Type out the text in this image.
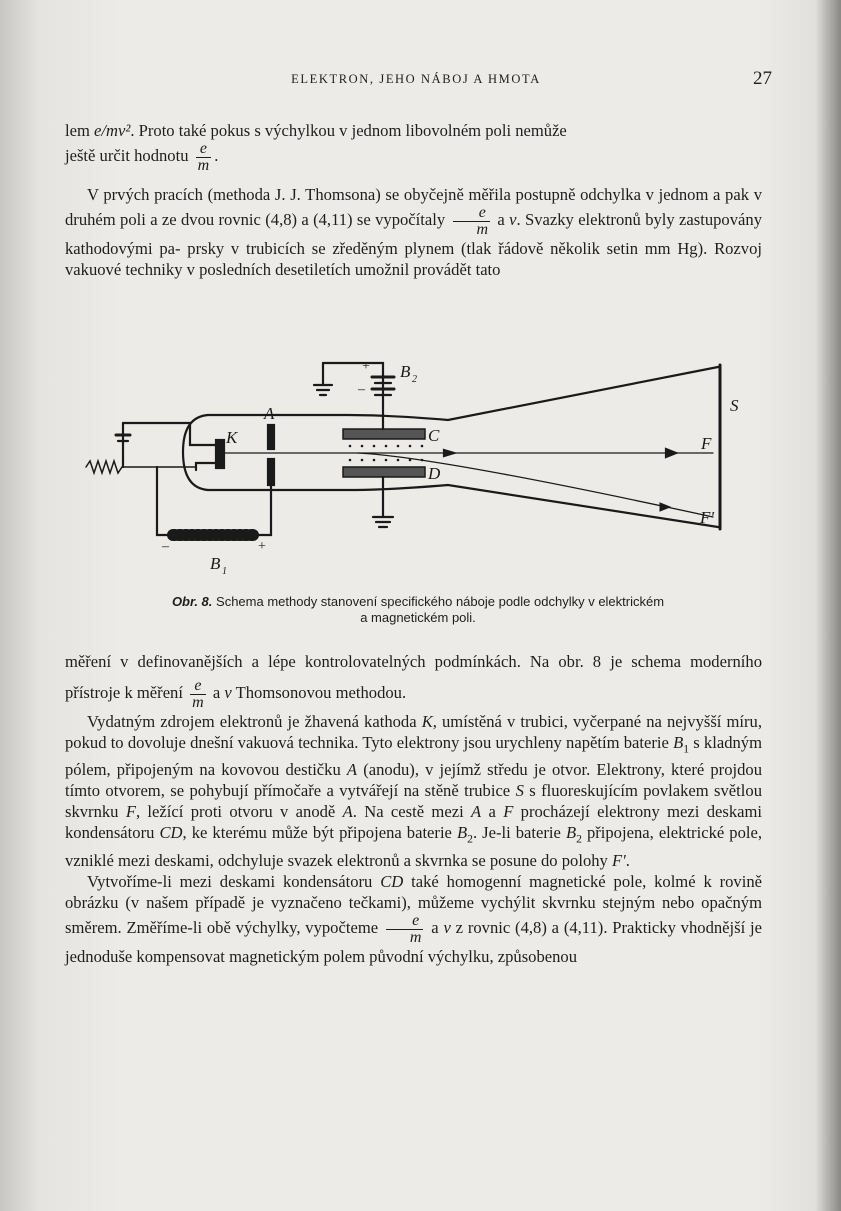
ELEKTRON, JEHO NÁBOJ A HMOTA	27

lem e/mv². Proto také pokus s výchylkou v jednom libovolném poli nemůže
ještě určit hodnotu $\frac{e}{m}$ .

V prvých pracích (methoda J. J. Thomsona) se obyčejně měřila postupně odchylka v jednom a pak v druhém poli a ze dvou rovnic (4,8) a (4,11) se vypočítaly $\frac{e}{m}$ a v. Svazky elektronů byly zastupovány kathodovými pa- prsky v trubicích se zředěným plynem (tlak řádově několik setin mm Hg). Rozvoj vakuové techniky v posledních desetiletích umožnil provádět tato

A
K	C
D
S
F
F'
B 2
B 1
+
–
–	+
Obr. 8. Schema methody stanovení specifického náboje podle odchylky v elektrickém
a magnetickém poli.

měření v definovanějších a lépe kontrolovatelných podmínkách. Na obr. 8 je schema moderního přístroje k měření $\frac{e}{m}$ a v Thomsonovou methodou.

Vydatným zdrojem elektronů je žhavená kathoda K, umístěná v trubici, vyčerpané na nejvyšší míru, pokud to dovoluje dnešní vakuová technika. Tyto elektrony jsou urychleny napětím baterie $B_1$ s kladným pólem, připojeným na kovovou destičku A (anodu), v jejímž středu je otvor. Elektrony, které projdou tímto otvorem, se pohybují přímočaře a vytvářejí na stěně trubice S s fluoreskujícím povlakem světlou skvrnku F, ležící proti otvoru v anodě A. Na cestě mezi A a F procházejí elektrony mezi deskami kondensátoru CD, ke kterému může být připojena baterie $B_2$. Je-li baterie $B_2$ připojena, elektrické pole, vzniklé mezi deskami, odchyluje svazek elektronů a skvrnka se posune do polohy F'.

Vytvoříme-li mezi deskami kondensátoru CD také homogenní magnetické pole, kolmé k rovině obrázku (v našem případě je vyznačeno tečkami), můžeme vychýlit skvrnku stejným nebo opačným směrem. Změříme-li obě výchylky, vypočteme $\frac{e}{m}$ a v z rovnic (4,8) a (4,11). Prakticky vhodnější je jednoduše kompensovat magnetickým polem původní výchylku, způsobenou
